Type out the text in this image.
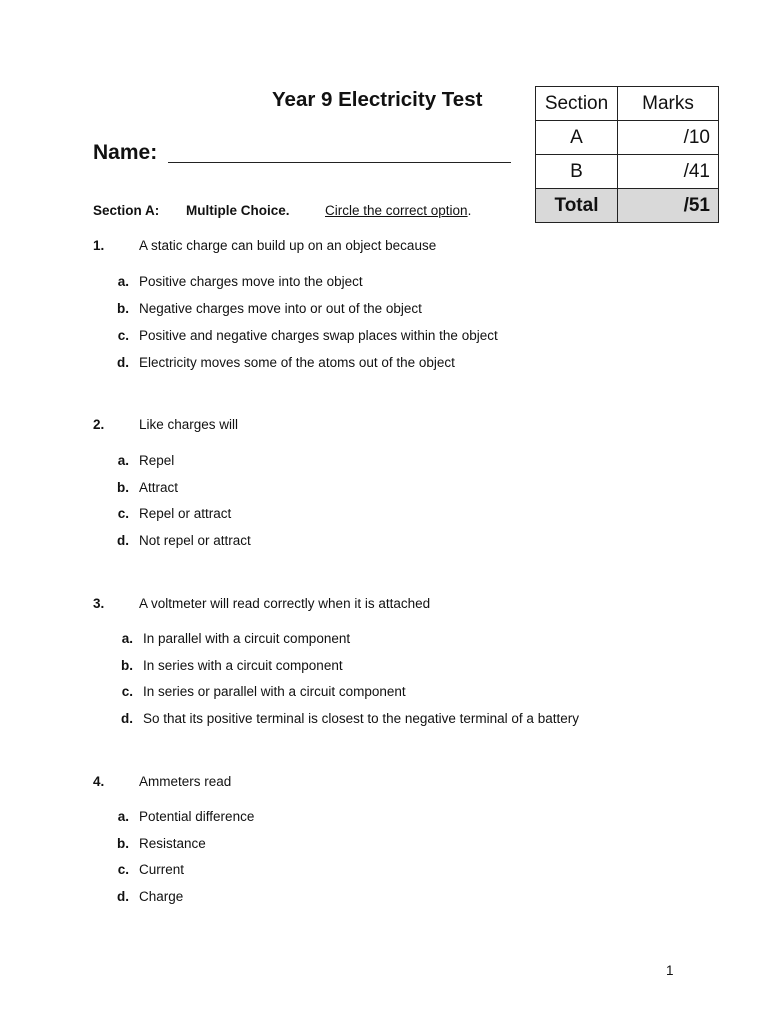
Year 9 Electricity Test
Name:
Section	Marks
A	/10
B	/41
Total	/51
Section A: Multiple Choice.	Circle the correct option.
1.	A static charge can build up on an object because
a. Positive charges move into the object
b. Negative charges move into or out of the object
c. Positive and negative charges swap places within the object
d. Electricity moves some of the atoms out of the object
2.	Like charges will
a. Repel
b. Attract
c. Repel or attract
d. Not repel or attract
3.	A voltmeter will read correctly when it is attached
a. In parallel with a circuit component
b. In series with a circuit component
c. In series or parallel with a circuit component
d. So that its positive terminal is closest to the negative terminal of a battery
4.	Ammeters read
a. Potential difference
b. Resistance
c. Current
d. Charge
1
